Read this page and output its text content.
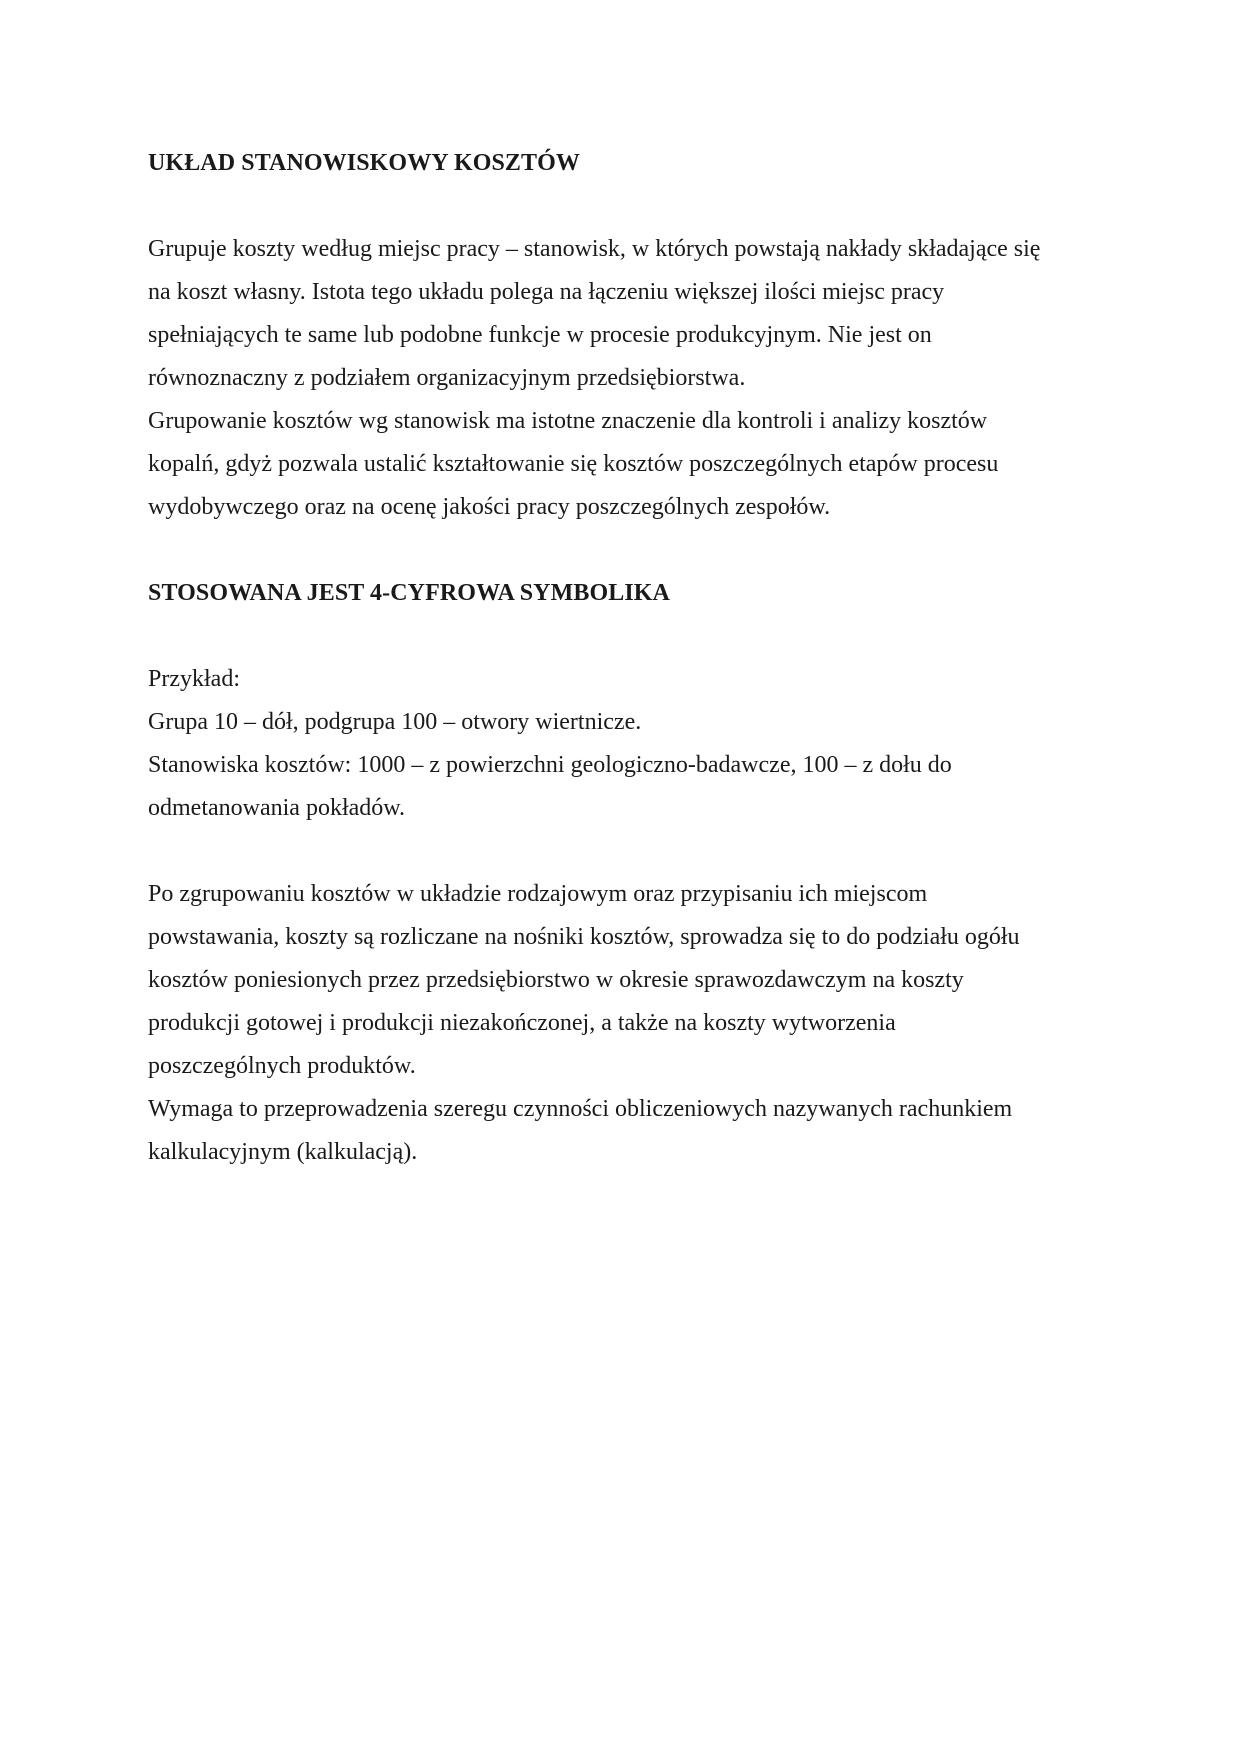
UKŁAD STANOWISKOWY KOSZTÓW
Grupuje koszty według miejsc pracy – stanowisk, w których powstają nakłady składające się
na koszt własny. Istota tego układu polega na łączeniu większej ilości miejsc pracy
spełniających te same lub podobne funkcje w procesie produkcyjnym. Nie jest on
równoznaczny z podziałem organizacyjnym przedsiębiorstwa.
Grupowanie kosztów wg stanowisk ma istotne znaczenie dla kontroli i analizy kosztów
kopalń, gdyż pozwala ustalić kształtowanie się kosztów poszczególnych etapów procesu
wydobywczego oraz na ocenę jakości pracy poszczególnych zespołów.
STOSOWANA JEST 4-CYFROWA SYMBOLIKA
Przykład:
Grupa 10 – dół, podgrupa 100 – otwory wiertnicze.
Stanowiska kosztów: 1000 – z powierzchni geologiczno-badawcze, 100 – z dołu do
odmetanowania pokładów.
Po zgrupowaniu kosztów w układzie rodzajowym oraz przypisaniu ich miejscom
powstawania, koszty są rozliczane na nośniki kosztów, sprowadza się to do podziału ogółu
kosztów poniesionych przez przedsiębiorstwo w okresie sprawozdawczym na koszty
produkcji gotowej i produkcji niezakończonej, a także na koszty wytworzenia
poszczególnych produktów.
Wymaga to przeprowadzenia szeregu czynności obliczeniowych nazywanych rachunkiem
kalkulacyjnym (kalkulacją).
